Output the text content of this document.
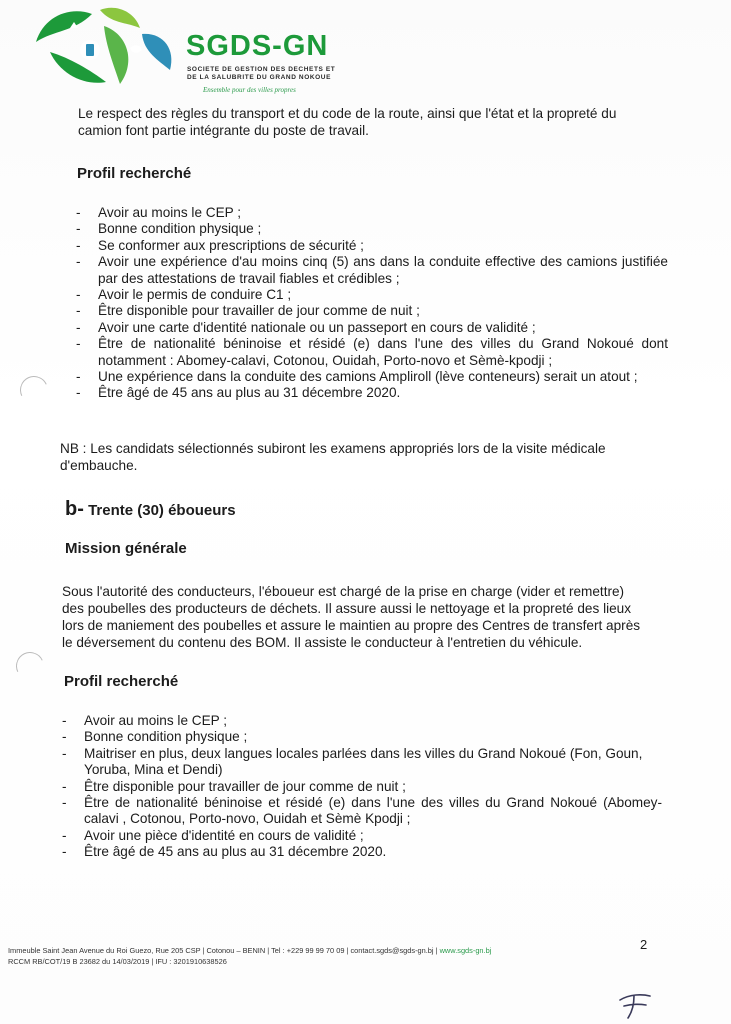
SGDS-GN
SOCIETE DE GESTION DES DECHETS ET
DE LA SALUBRITE DU GRAND NOKOUE
Ensemble pour des villes propres
Le respect des règles du transport et du code de la route, ainsi que l'état et la propreté du
camion font partie intégrante du poste de travail.
Profil recherché
- Avoir au moins le CEP ;
- Bonne condition physique ;
- Se conformer aux prescriptions de sécurité ;
- Avoir une expérience d'au moins cinq (5) ans dans la conduite effective des camions justifiée par des attestations de travail fiables et crédibles ;
- Avoir le permis de conduire C1 ;
- Être disponible pour travailler de jour comme de nuit ;
- Avoir une carte d'identité nationale ou un passeport en cours de validité ;
- Être de nationalité béninoise et résidé (e) dans l'une des villes du Grand Nokoué dont notamment : Abomey-calavi, Cotonou, Ouidah, Porto-novo et Sèmè-kpodji ;
- Une expérience dans la conduite des camions Ampliroll (lève conteneurs) serait un atout ;
- Être âgé de 45 ans au plus au 31 décembre 2020.
NB : Les candidats sélectionnés subiront les examens appropriés lors de la visite médicale
d'embauche.
b- Trente (30) éboueurs
Mission générale
Sous l'autorité des conducteurs, l'éboueur est chargé de la prise en charge (vider et remettre)
des poubelles des producteurs de déchets. Il assure aussi le nettoyage et la propreté des lieux
lors de maniement des poubelles et assure le maintien au propre des Centres de transfert après
le déversement du contenu des BOM. Il assiste le conducteur à l'entretien du véhicule.
Profil recherché
- Avoir au moins le CEP ;
- Bonne condition physique ;
- Maitriser en plus, deux langues locales parlées dans les villes du Grand Nokoué (Fon, Goun, Yoruba, Mina et Dendi)
- Être disponible pour travailler de jour comme de nuit ;
- Être de nationalité béninoise et résidé (e) dans l'une des villes du Grand Nokoué (Abomey-calavi , Cotonou, Porto-novo, Ouidah et Sèmè Kpodji ;
- Avoir une pièce d'identité en cours de validité ;
- Être âgé de 45 ans au plus au 31 décembre 2020.
2
Immeuble Saint Jean Avenue du Roi Guezo, Rue 205 CSP | Cotonou – BENIN | Tel : +229 99 99 70 09 | contact.sgds@sgds-gn.bj | www.sgds-gn.bj
RCCM RB/COT/19 B 23682 du 14/03/2019 | IFU : 3201910638526
